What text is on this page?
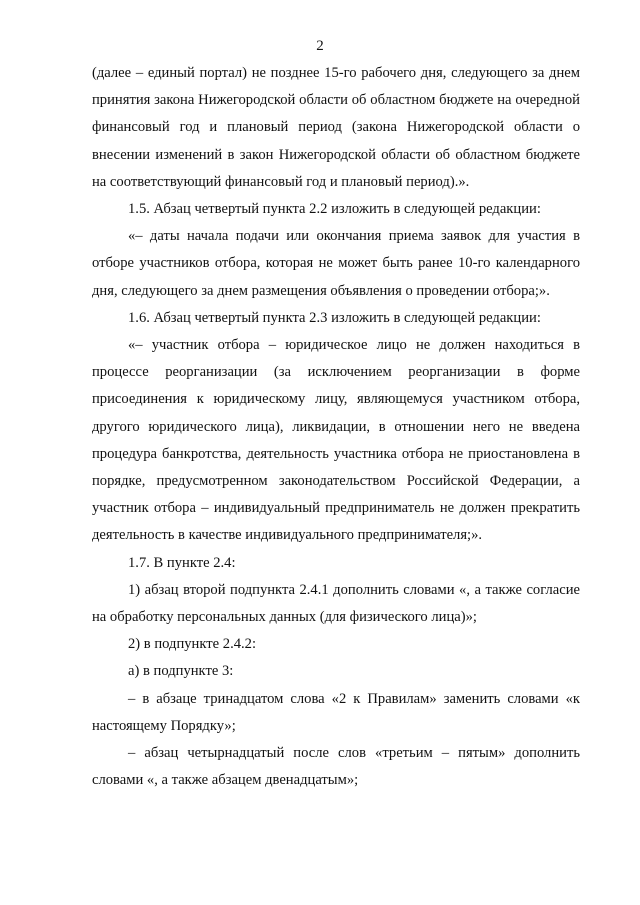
2

(далее – единый портал) не позднее 15-го рабочего дня, следующего за днем принятия закона Нижегородской области об областном бюджете на очередной финансовый год и плановый период (закона Нижегородской области о внесении изменений в закон Нижегородской области об областном бюджете на соответствующий финансовый год и плановый период).».

1.5. Абзац четвертый пункта 2.2 изложить в следующей редакции:

«– даты начала подачи или окончания приема заявок для участия в отборе участников отбора, которая не может быть ранее 10-го календарного дня, следующего за днем размещения объявления о проведении отбора;».

1.6. Абзац четвертый пункта 2.3 изложить в следующей редакции:

«– участник отбора – юридическое лицо не должен находиться в процессе реорганизации (за исключением реорганизации в форме присоединения к юридическому лицу, являющемуся участником отбора, другого юридического лица), ликвидации, в отношении него не введена процедура банкротства, деятельность участника отбора не приостановлена в порядке, предусмотренном законодательством Российской Федерации, а участник отбора – индивидуальный предприниматель не должен прекратить деятельность в качестве индивидуального предпринимателя;».

1.7. В пункте 2.4:

1) абзац второй подпункта 2.4.1 дополнить словами «, а также согласие на обработку персональных данных (для физического лица)»;

2) в подпункте 2.4.2:

а) в подпункте 3:

– в абзаце тринадцатом слова «2 к Правилам» заменить словами «к настоящему Порядку»;

– абзац четырнадцатый после слов «третьим – пятым» дополнить словами «, а также абзацем двенадцатым»;
